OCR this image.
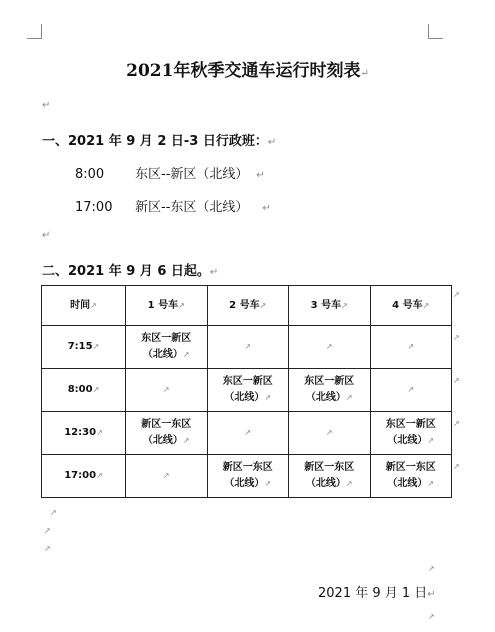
2021年秋季交通车运行时刻表↵
↵
一、2021 年 9 月 2 日-3 日行政班：↵
8:00 东区--新区（北线） ↵
17:00 新区--东区（北线） ↵
↵
二、2021 年 9 月 6 日起。↵
时间↗	1 号车↗	2 号车↗	3 号车↗	4 号车↗
7:15↗	东区一新区
（北线）↗	↗	↗	↗
8:00↗	↗	东区一新区
（北线）↗	东区一新区
（北线）↗	↗
12:30↗	新区一东区
（北线）↗	↗	↗	东区一新区
（北线）↗

17:00↗	↗	新区一东区
（北线）↗	新区一东区
（北线）↗	新区一东区
（北线）↗
↗
↗
↗
↗
↗
↗
↗
↗
↗
2021 年 9 月 1 日↵
↗
